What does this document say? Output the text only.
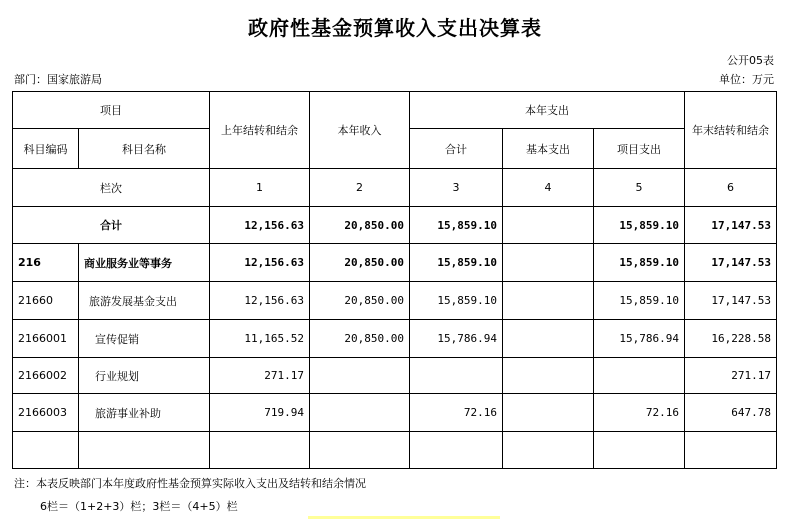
政府性基金预算收入支出决算表
公开05表
部门：国家旅游局	单位：万元
项目		上年结转和结余	本年收入	本年支出			年末结转和结余
科目编码	科目名称			合计	基本支出	项目支出	
栏次		1	2	3	4	5	6
合计		12,156.63	20,850.00	15,859.10		15,859.10	17,147.53
216	商业服务业等事务	12,156.63	20,850.00	15,859.10		15,859.10	17,147.53
21660	旅游发展基金支出	12,156.63	20,850.00	15,859.10		15,859.10	17,147.53
2166001	宣传促销	11,165.52	20,850.00	15,786.94		15,786.94	16,228.58
2166002	行业规划	271.17					271.17
2166003	旅游事业补助	719.94		72.16		72.16	647.78

注：本表反映部门本年度政府性基金预算实际收入支出及结转和结余情况
6栏＝（1+2+3）栏；3栏＝（4+5）栏
